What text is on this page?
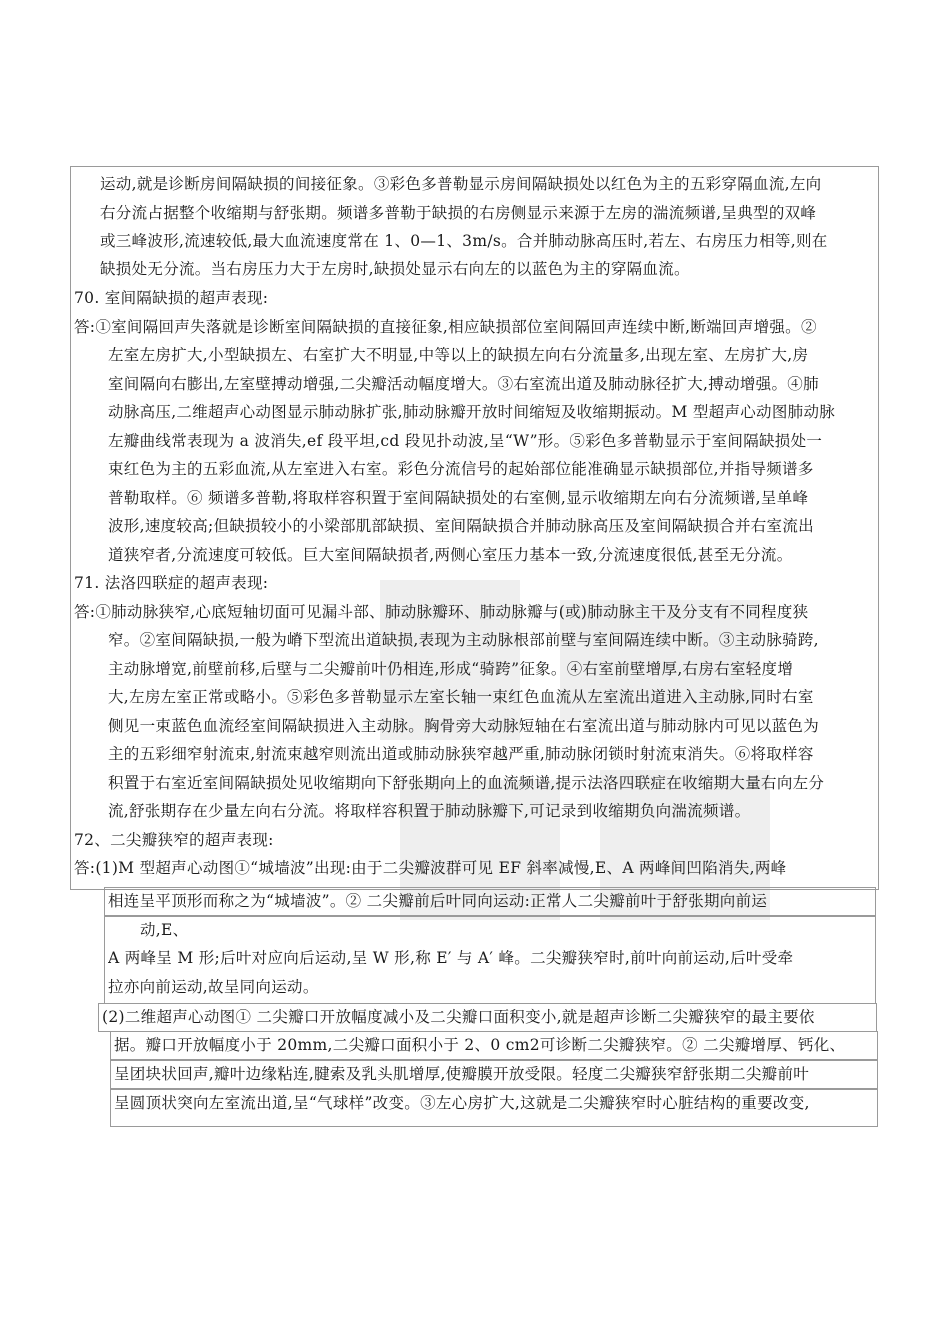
运动,就是诊断房间隔缺损的间接征象。③彩色多普勒显示房间隔缺损处以红色为主的五彩穿隔血流,左向
右分流占据整个收缩期与舒张期。频谱多普勒于缺损的右房侧显示来源于左房的湍流频谱,呈典型的双峰
或三峰波形,流速较低,最大血流速度常在 1、0—1、3m/s。合并肺动脉高压时,若左、右房压力相等,则在
缺损处无分流。当右房压力大于左房时,缺损处显示右向左的以蓝色为主的穿隔血流。
70. 室间隔缺损的超声表现:
答:①室间隔回声失落就是诊断室间隔缺损的直接征象,相应缺损部位室间隔回声连续中断,断端回声增强。②
左室左房扩大,小型缺损左、右室扩大不明显,中等以上的缺损左向右分流量多,出现左室、左房扩大,房
室间隔向右膨出,左室壁搏动增强,二尖瓣活动幅度增大。③右室流出道及肺动脉径扩大,搏动增强。④肺
动脉高压,二维超声心动图显示肺动脉扩张,肺动脉瓣开放时间缩短及收缩期振动。M 型超声心动图肺动脉
左瓣曲线常表现为 a 波消失,ef 段平坦,cd 段见扑动波,呈“W”形。⑤彩色多普勒显示于室间隔缺损处一
束红色为主的五彩血流,从左室进入右室。彩色分流信号的起始部位能准确显示缺损部位,并指导频谱多
普勒取样。⑥ 频谱多普勒,将取样容积置于室间隔缺损处的右室侧,显示收缩期左向右分流频谱,呈单峰
波形,速度较高;但缺损较小的小梁部肌部缺损、室间隔缺损合并肺动脉高压及室间隔缺损合并右室流出
道狭窄者,分流速度可较低。巨大室间隔缺损者,两侧心室压力基本一致,分流速度很低,甚至无分流。
71. 法洛四联症的超声表现:
答:①肺动脉狭窄,心底短轴切面可见漏斗部、肺动脉瓣环、肺动脉瓣与(或)肺动脉主干及分支有不同程度狭
窄。②室间隔缺损,一般为嵴下型流出道缺损,表现为主动脉根部前壁与室间隔连续中断。③主动脉骑跨,
主动脉增宽,前壁前移,后壁与二尖瓣前叶仍相连,形成“骑跨”征象。④右室前壁增厚,右房右室轻度增
大,左房左室正常或略小。⑤彩色多普勒显示左室长轴一束红色血流从左室流出道进入主动脉,同时右室
侧见一束蓝色血流经室间隔缺损进入主动脉。胸骨旁大动脉短轴在右室流出道与肺动脉内可见以蓝色为
主的五彩细窄射流束,射流束越窄则流出道或肺动脉狭窄越严重,肺动脉闭锁时射流束消失。⑥将取样容
积置于右室近室间隔缺损处见收缩期向下舒张期向上的血流频谱,提示法洛四联症在收缩期大量右向左分
流,舒张期存在少量左向右分流。将取样容积置于肺动脉瓣下,可记录到收缩期负向湍流频谱。
72、二尖瓣狭窄的超声表现:
答:(1)M 型超声心动图①“城墙波”出现:由于二尖瓣波群可见 EF 斜率减慢,E、A 两峰间凹陷消失,两峰
相连呈平顶形而称之为“城墙波”。② 二尖瓣前后叶同向运动:正常人二尖瓣前叶于舒张期向前运
动,E、
A 两峰呈 M 形;后叶对应向后运动,呈 W 形,称 E′ 与 A′ 峰。二尖瓣狭窄时,前叶向前运动,后叶受牵
拉亦向前运动,故呈同向运动。
(2)二维超声心动图① 二尖瓣口开放幅度减小及二尖瓣口面积变小,就是超声诊断二尖瓣狭窄的最主要依
据。瓣口开放幅度小于 20mm,二尖瓣口面积小于 2、0 cm2可诊断二尖瓣狭窄。② 二尖瓣增厚、钙化、
呈团块状回声,瓣叶边缘粘连,腱索及乳头肌增厚,使瓣膜开放受限。轻度二尖瓣狭窄舒张期二尖瓣前叶
呈圆顶状突向左室流出道,呈“气球样”改变。③左心房扩大,这就是二尖瓣狭窄时心脏结构的重要改变,
